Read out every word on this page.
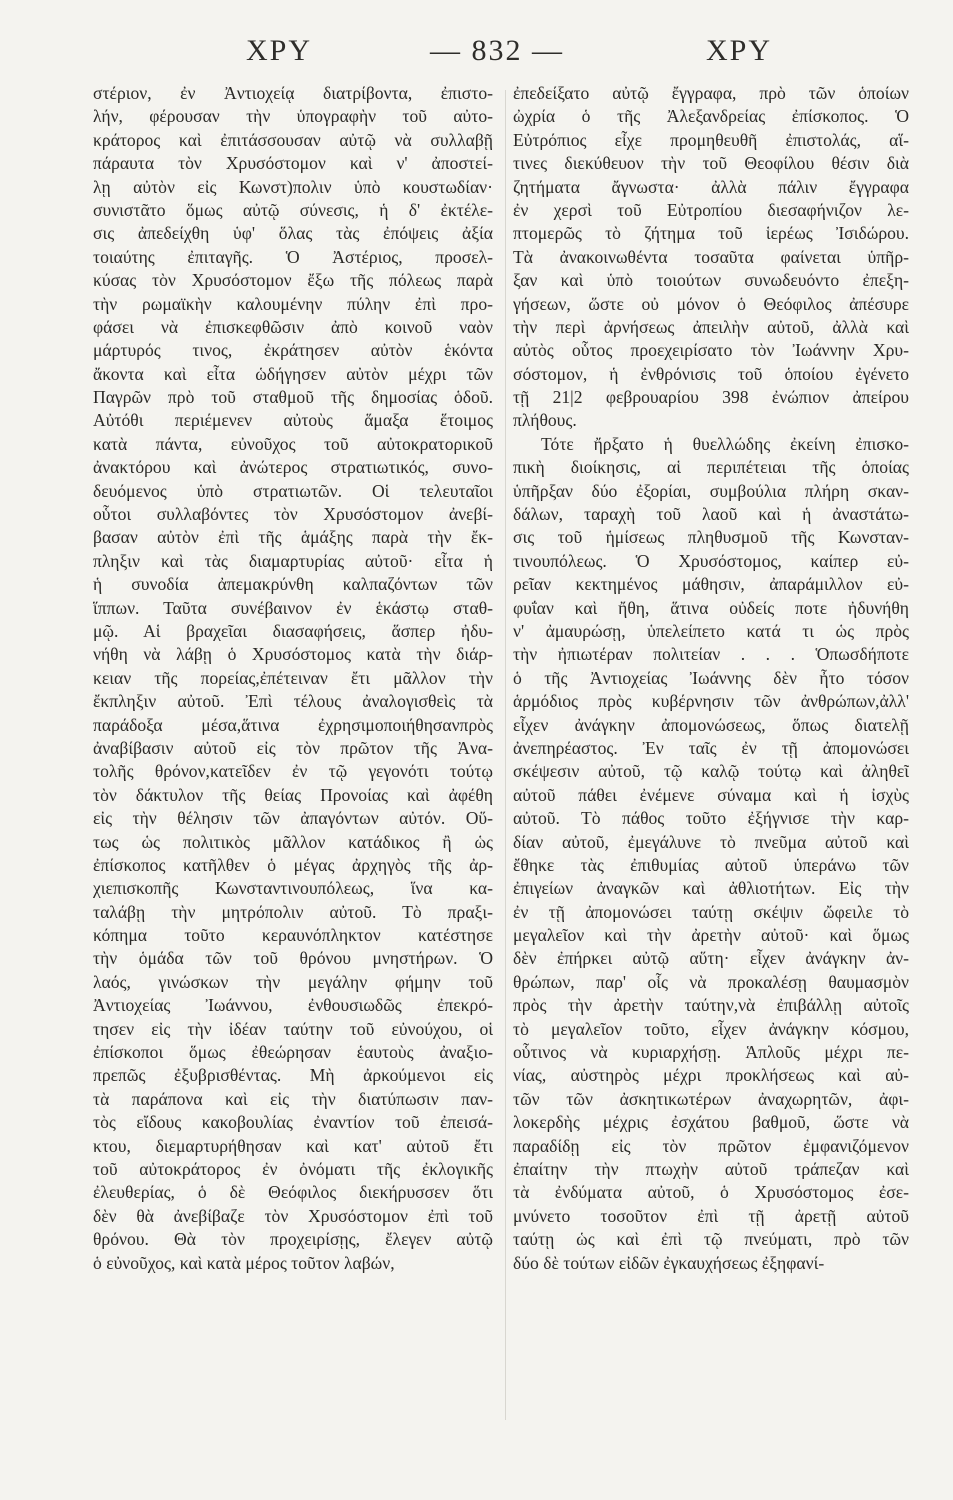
ΧΡΥ	— 832 —	ΧΡΥ
στέριον, ἐν Ἀντιοχείᾳ διατρίβοντα, ἐπιστο-
λήν, φέρουσαν τὴν ὑπογραφὴν τοῦ αὐτο-
κράτορος καὶ ἐπιτάσσουσαν αὐτῷ νὰ συλλαβῇ
πάραυτα τὸν Χρυσόστομον καὶ ν' ἀποστεί-
λῃ αὐτὸν εἰς Κωνστ)πολιν ὑπὸ κουστωδίαν·
συνιστᾶτο ὅμως αὐτῷ σύνεσις, ἡ δ' ἐκτέλε-
σις ἀπεδείχθη ὑφ' ὅλας τὰς ἐπόψεις ἀξία
τοιαύτης ἐπιταγῆς. Ὁ Ἀστέριος, προσελ-
κύσας τὸν Χρυσόστομον ἔξω τῆς πόλεως παρὰ
τὴν ρωμαϊκὴν καλουμένην πύλην ἐπὶ προ-
φάσει νὰ ἐπισκεφθῶσιν ἀπὸ κοινοῦ ναὸν
μάρτυρός τινος, ἐκράτησεν αὐτὸν ἑκόντα
ἄκοντα καὶ εἶτα ὡδήγησεν αὐτὸν μέχρι τῶν
Παγρῶν πρὸ τοῦ σταθμοῦ τῆς δημοσίας ὁδοῦ.
Αὐτόθι περιέμενεν αὐτοὺς ἅμαξα ἕτοιμος
κατὰ πάντα, εὐνοῦχος τοῦ αὐτοκρατορικοῦ
ἀνακτόρου καὶ ἀνώτερος στρατιωτικός, συνο-
δευόμενος ὑπὸ στρατιωτῶν. Οἱ τελευταῖοι
οὗτοι συλλαβόντες τὸν Χρυσόστομον ἀνεβί-
βασαν αὐτὸν ἐπὶ τῆς ἁμάξης παρὰ τὴν ἔκ-
πληξιν καὶ τὰς διαμαρτυρίας αὐτοῦ· εἶτα ἡ
ἡ συνοδία ἀπεμακρύνθη καλπαζόντων τῶν
ἵππων. Ταῦτα συνέβαινον ἐν ἑκάστῳ σταθ-
μῷ. Αἱ βραχεῖαι διασαφήσεις, ἅσπερ ἠδυ-
νήθη νὰ λάβῃ ὁ Χρυσόστομος κατὰ τὴν διάρ-
κειαν τῆς πορείας,ἐπέτειναν ἔτι μᾶλλον τὴν
ἔκπληξιν αὐτοῦ. Ἐπὶ τέλους ἀναλογισθεὶς τὰ
παράδοξα μέσα,ἅτινα ἐχρησιμοποιήθησανπρὸς
ἀναβίβασιν αὐτοῦ εἰς τὸν πρῶτον τῆς Ἀνα-
τολῆς θρόνον,κατεῖδεν ἐν τῷ γεγονότι τούτῳ
τὸν δάκτυλον τῆς θείας Προνοίας καὶ ἀφέθη
εἰς τὴν θέλησιν τῶν ἀπαγόντων αὐτόν. Οὕ-
τως ὡς πολιτικὸς μᾶλλον κατάδικος ἢ ὡς
ἐπίσκοπος κατῆλθεν ὁ μέγας ἀρχηγὸς τῆς ἀρ-
χιεπισκοπῆς Κωνσταντινουπόλεως, ἵνα κα-
ταλάβῃ τὴν μητρόπολιν αὐτοῦ. Τὸ πραξι-
κόπημα τοῦτο κεραυνόπληκτον κατέστησε
τὴν ὁμάδα τῶν τοῦ θρόνου μνηστήρων. Ὁ
λαός, γινώσκων τὴν μεγάλην φήμην τοῦ
Ἀντιοχείας Ἰωάννου, ἐνθουσιωδῶς ἐπεκρό-
τησεν εἰς τὴν ἰδέαν ταύτην τοῦ εὐνούχου, οἱ
ἐπίσκοποι ὅμως ἐθεώρησαν ἑαυτοὺς ἀναξιο-
πρεπῶς ἐξυβρισθέντας. Μὴ ἀρκούμενοι εἰς
τὰ παράπονα καὶ εἰς τὴν διατύπωσιν παν-
τὸς εἴδους κακοβουλίας ἐναντίον τοῦ ἐπεισά-
κτου, διεμαρτυρήθησαν καὶ κατ' αὐτοῦ ἔτι
τοῦ αὐτοκράτορος ἐν ὀνόματι τῆς ἐκλογικῆς
ἐλευθερίας, ὁ δὲ Θεόφιλος διεκήρυσσεν ὅτι
δὲν θὰ ἀνεβίβαζε τὸν Χρυσόστομον ἐπὶ τοῦ
θρόνου. Θὰ τὸν προχειρίσῃς, ἔλεγεν αὐτῷ
ὁ εὐνοῦχος, καὶ κατὰ μέρος τοῦτον λαβών,
ἐπεδείξατο αὐτῷ ἔγγραφα, πρὸ τῶν ὁποίων
ὠχρία ὁ τῆς Ἀλεξανδρείας ἐπίσκοπος. Ὁ
Εὐτρόπιος εἶχε προμηθευθῆ ἐπιστολάς, αἵ-
τινες διεκύθευον τὴν τοῦ Θεοφίλου θέσιν διὰ
ζητήματα ἄγνωστα· ἀλλὰ πάλιν ἔγγραφα
ἐν χερσὶ τοῦ Εὐτροπίου διεσαφήνιζον λε-
πτομερῶς τὸ ζήτημα τοῦ ἱερέως Ἰσιδώρου.
Τὰ ἀνακοινωθέντα τοσαῦτα φαίνεται ὑπῆρ-
ξαν καὶ ὑπὸ τοιούτων συνωδευόντο ἐπεξη-
γήσεων, ὥστε οὐ μόνον ὁ Θεόφιλος ἀπέσυρε
τὴν περὶ ἀρνήσεως ἀπειλὴν αὐτοῦ, ἀλλὰ καὶ
αὐτὸς οὗτος προεχειρίσατο τὸν Ἰωάννην Χρυ-
σόστομον, ἡ ἐνθρόνισις τοῦ ὁποίου ἐγένετο
τῇ 21|2 φεβρουαρίου 398 ἐνώπιον ἀπείρου
πλήθους.
Τότε ἤρξατο ἡ θυελλώδης ἐκείνη ἐπισκο-
πικὴ διοίκησις, αἱ περιπέτειαι τῆς ὁποίας
ὑπῆρξαν δύο ἐξορίαι, συμβούλια πλήρη σκαν-
δάλων, ταραχὴ τοῦ λαοῦ καὶ ἡ ἀναστάτω-
σις τοῦ ἡμίσεως πληθυσμοῦ τῆς Κωνσταν-
τινουπόλεως. Ὁ Χρυσόστομος, καίπερ εὐ-
ρεῖαν κεκτημένος μάθησιν, ἀπαράμιλλον εὐ-
φυΐαν καὶ ἤθη, ἅτινα οὐδείς ποτε ἠδυνήθη
ν' ἀμαυρώσῃ, ὑπελείπετο κατά τι ὡς πρὸς
τὴν ἠπιωτέραν πολιτείαν . . . Ὁπωσδήποτε
ὁ τῆς Ἀντιοχείας Ἰωάννης δὲν ἦτο τόσον
ἁρμόδιος πρὸς κυβέρνησιν τῶν ἀνθρώπων,ἀλλ'
εἶχεν ἀνάγκην ἀπομονώσεως, ὅπως διατελῇ
ἀνεπηρέαστος. Ἐν ταῖς ἐν τῇ ἀπομονώσει
σκέψεσιν αὐτοῦ, τῷ καλῷ τούτῳ καὶ ἀληθεῖ
αὐτοῦ πάθει ἐνέμενε σύναμα καὶ ἡ ἰσχὺς
αὐτοῦ. Τὸ πάθος τοῦτο ἐξήγνισε τὴν καρ-
δίαν αὐτοῦ, ἐμεγάλυνε τὸ πνεῦμα αὐτοῦ καὶ
ἔθηκε τὰς ἐπιθυμίας αὐτοῦ ὑπεράνω τῶν
ἐπιγείων ἀναγκῶν καὶ ἀθλιοτήτων. Εἰς τὴν
ἐν τῇ ἀπομονώσει ταύτῃ σκέψιν ὤφειλε τὸ
μεγαλεῖον καὶ τὴν ἀρετὴν αὐτοῦ· καὶ ὅμως
δὲν ἐπήρκει αὐτῷ αὕτη· εἶχεν ἀνάγκην ἀν-
θρώπων, παρ' οἷς νὰ προκαλέσῃ θαυμασμὸν
πρὸς τὴν ἀρετὴν ταύτην,νὰ ἐπιβάλλῃ αὐτοῖς
τὸ μεγαλεῖον τοῦτο, εἶχεν ἀνάγκην κόσμου,
οὗτινος νὰ κυριαρχήσῃ. Ἁπλοῦς μέχρι πε-
νίας, αὐστηρὸς μέχρι προκλήσεως καὶ αὐ-
τῶν τῶν ἀσκητικωτέρων ἀναχωρητῶν, ἀφι-
λοκερδὴς μέχρις ἐσχάτου βαθμοῦ, ὥστε νὰ
παραδίδῃ εἰς τὸν πρῶτον ἐμφανιζόμενον
ἐπαίτην τὴν πτωχὴν αὐτοῦ τράπεζαν καὶ
τὰ ἐνδύματα αὐτοῦ, ὁ Χρυσόστομος ἐσε-
μνύνετο τοσοῦτον ἐπὶ τῇ ἀρετῇ αὐτοῦ
ταύτῃ ὡς καὶ ἐπὶ τῷ πνεύματι, πρὸ τῶν
δύο δὲ τούτων εἰδῶν ἐγκαυχήσεως ἐξηφανί-
